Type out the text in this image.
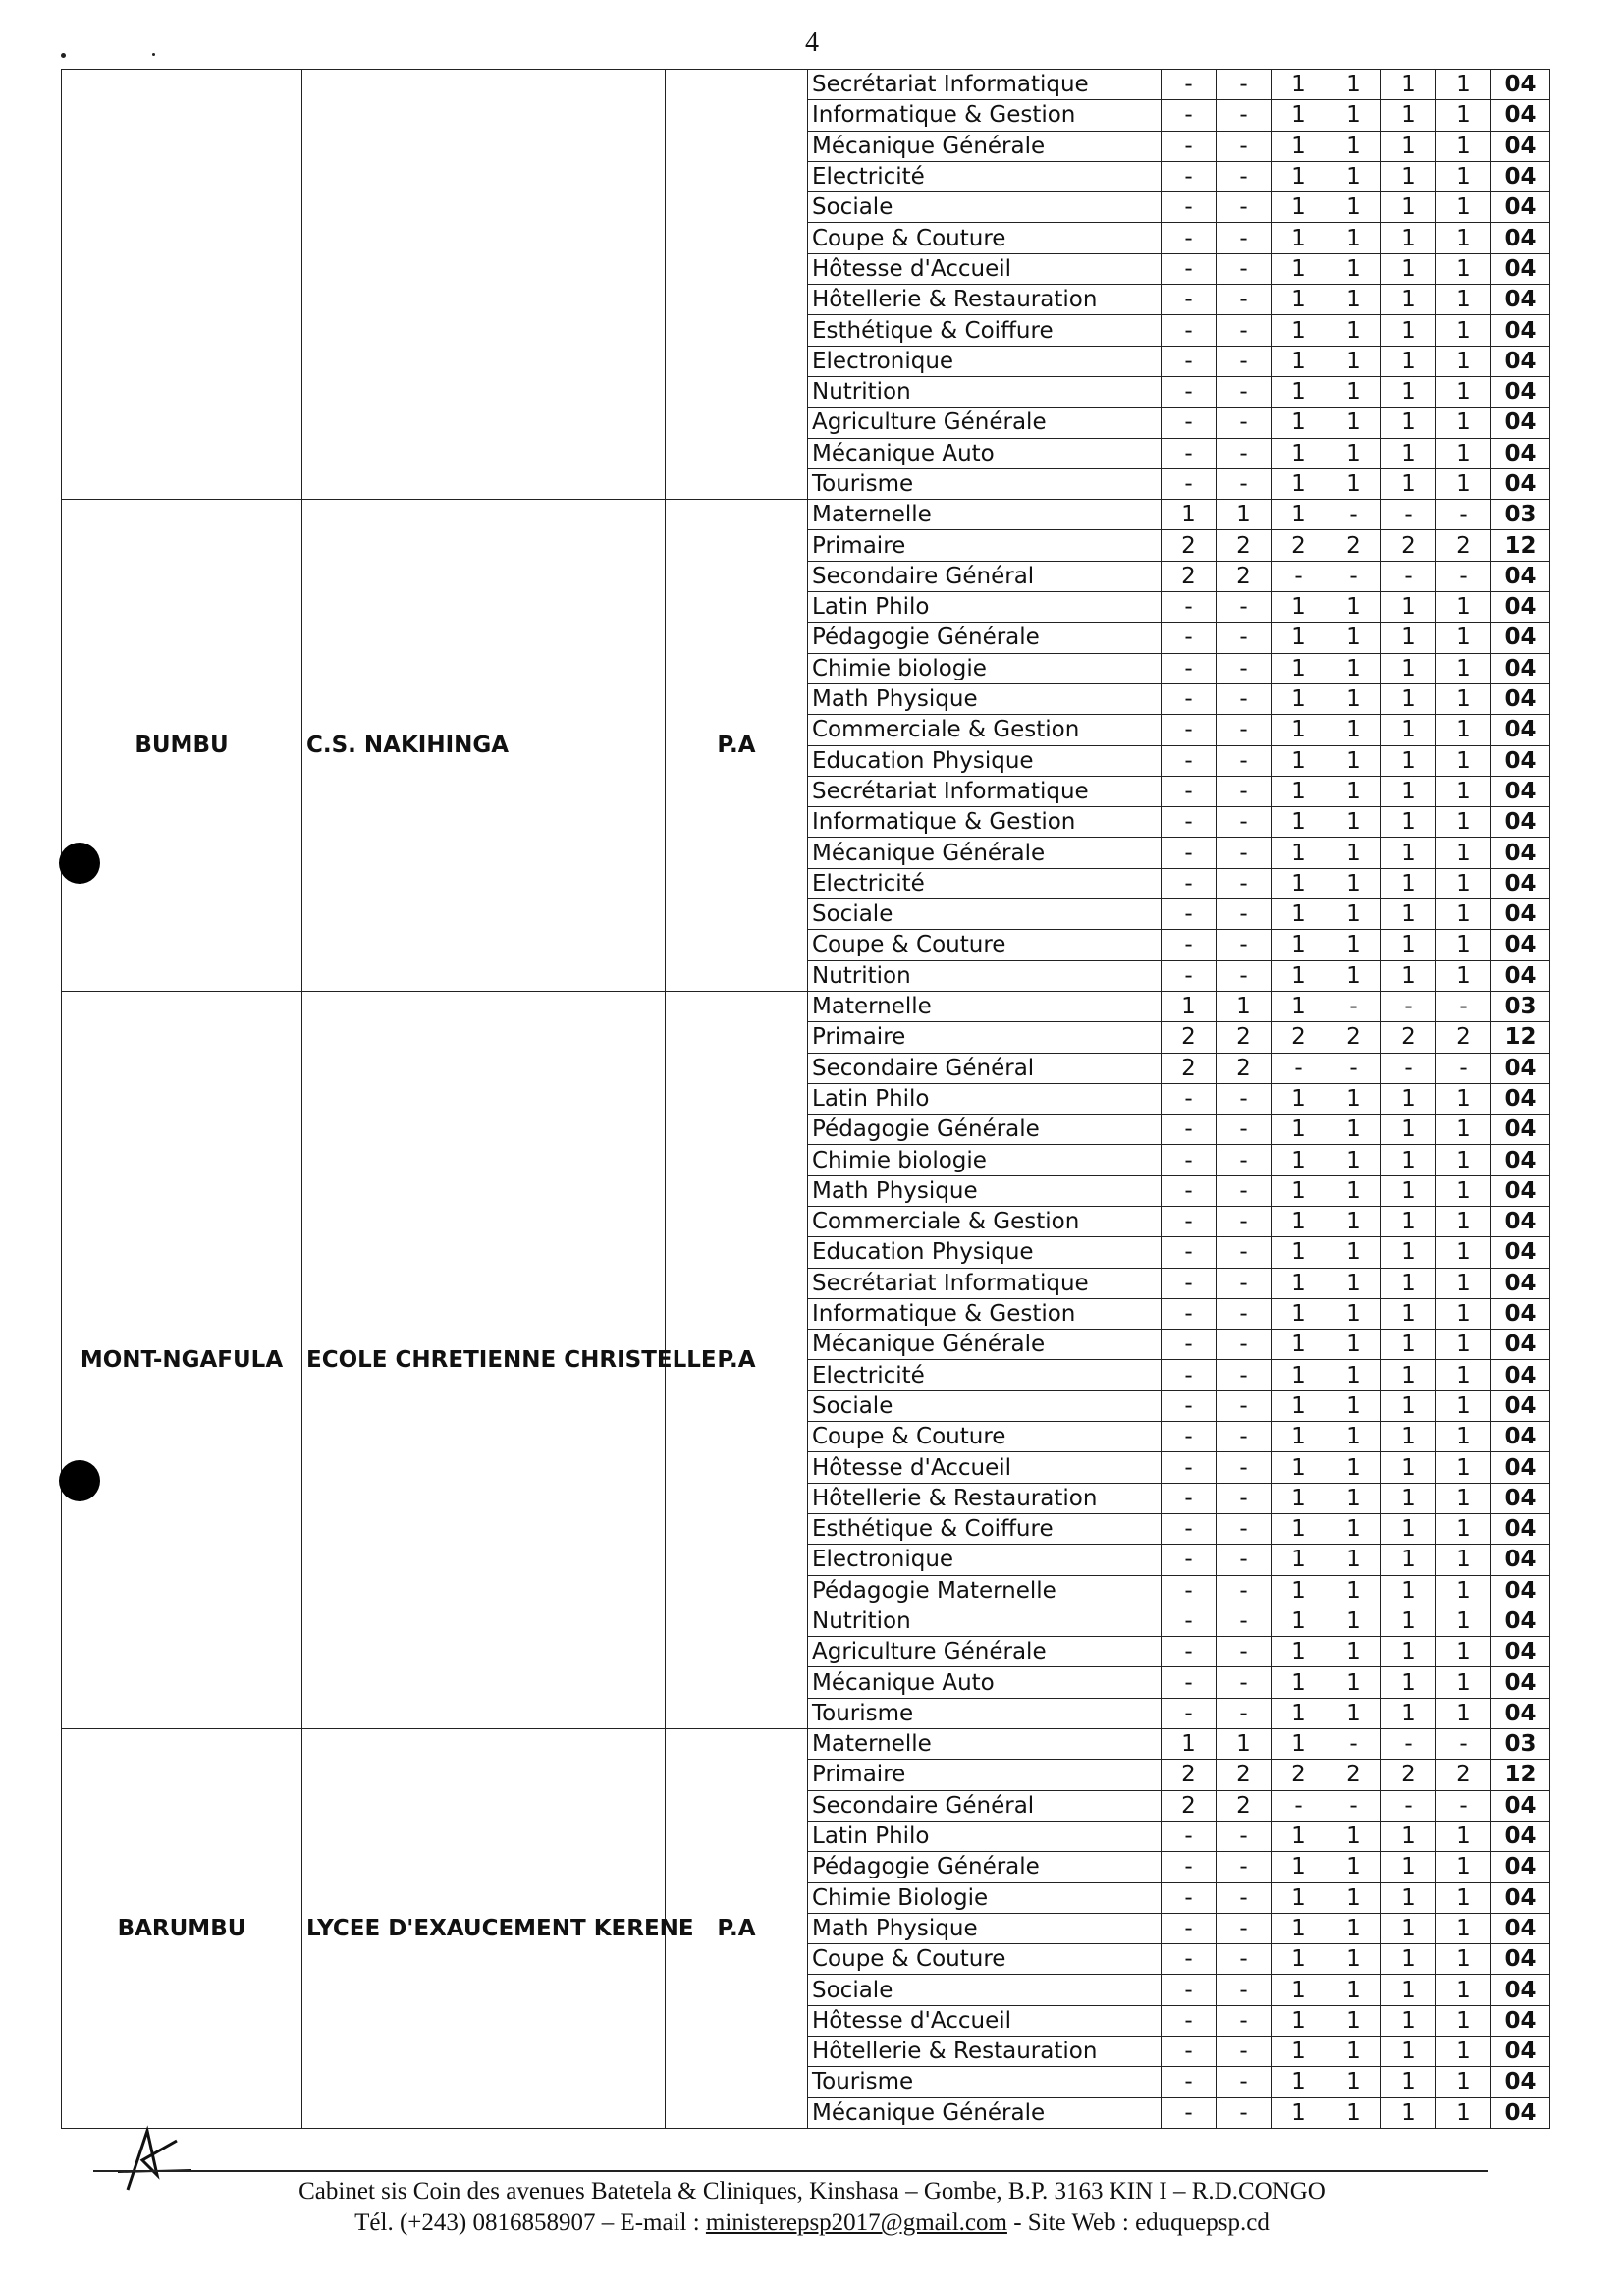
4
			Secrétariat Informatique	-	-	1	1	1	1	04
			Informatique & Gestion	-	-	1	1	1	1	04
			Mécanique Générale	-	-	1	1	1	1	04
			Electricité	-	-	1	1	1	1	04
			Sociale	-	-	1	1	1	1	04
			Coupe & Couture	-	-	1	1	1	1	04
			Hôtesse d'Accueil	-	-	1	1	1	1	04
			Hôtellerie & Restauration	-	-	1	1	1	1	04
			Esthétique & Coiffure	-	-	1	1	1	1	04
			Electronique	-	-	1	1	1	1	04
			Nutrition	-	-	1	1	1	1	04
			Agriculture Générale	-	-	1	1	1	1	04
			Mécanique Auto	-	-	1	1	1	1	04
			Tourisme	-	-	1	1	1	1	04
BUMBU	C.S. NAKIHINGA	P.A	Maternelle	1	1	1	-	-	-	03
			Primaire	2	2	2	2	2	2	12
			Secondaire Général	2	2	-	-	-	-	04
			Latin Philo	-	-	1	1	1	1	04
			Pédagogie Générale	-	-	1	1	1	1	04
			Chimie biologie	-	-	1	1	1	1	04
			Math Physique	-	-	1	1	1	1	04
			Commerciale & Gestion	-	-	1	1	1	1	04
			Education Physique	-	-	1	1	1	1	04
			Secrétariat Informatique	-	-	1	1	1	1	04
			Informatique & Gestion	-	-	1	1	1	1	04
			Mécanique Générale	-	-	1	1	1	1	04
			Electricité	-	-	1	1	1	1	04
			Sociale	-	-	1	1	1	1	04
			Coupe & Couture	-	-	1	1	1	1	04
			Nutrition	-	-	1	1	1	1	04
MONT-NGAFULA	ECOLE CHRETIENNE CHRISTELLE	P.A	Maternelle	1	1	1	-	-	-	03
			Primaire	2	2	2	2	2	2	12
			Secondaire Général	2	2	-	-	-	-	04
			Latin Philo	-	-	1	1	1	1	04
			Pédagogie Générale	-	-	1	1	1	1	04
			Chimie biologie	-	-	1	1	1	1	04
			Math Physique	-	-	1	1	1	1	04
			Commerciale & Gestion	-	-	1	1	1	1	04
			Education Physique	-	-	1	1	1	1	04
			Secrétariat Informatique	-	-	1	1	1	1	04
			Informatique & Gestion	-	-	1	1	1	1	04
			Mécanique Générale	-	-	1	1	1	1	04
			Electricité	-	-	1	1	1	1	04
			Sociale	-	-	1	1	1	1	04
			Coupe & Couture	-	-	1	1	1	1	04
			Hôtesse d'Accueil	-	-	1	1	1	1	04
			Hôtellerie & Restauration	-	-	1	1	1	1	04
			Esthétique & Coiffure	-	-	1	1	1	1	04
			Electronique	-	-	1	1	1	1	04
			Pédagogie Maternelle	-	-	1	1	1	1	04
			Nutrition	-	-	1	1	1	1	04
			Agriculture Générale	-	-	1	1	1	1	04
			Mécanique Auto	-	-	1	1	1	1	04
			Tourisme	-	-	1	1	1	1	04
BARUMBU	LYCEE D'EXAUCEMENT KERENE	P.A	Maternelle	1	1	1	-	-	-	03
			Primaire	2	2	2	2	2	2	12
			Secondaire Général	2	2	-	-	-	-	04
			Latin Philo	-	-	1	1	1	1	04
			Pédagogie Générale	-	-	1	1	1	1	04
			Chimie Biologie	-	-	1	1	1	1	04
			Math Physique	-	-	1	1	1	1	04
			Coupe & Couture	-	-	1	1	1	1	04
			Sociale	-	-	1	1	1	1	04
			Hôtesse d'Accueil	-	-	1	1	1	1	04
			Hôtellerie & Restauration	-	-	1	1	1	1	04
			Tourisme	-	-	1	1	1	1	04
			Mécanique Générale	-	-	1	1	1	1	04
Cabinet sis Coin des avenues Batetela & Cliniques, Kinshasa – Gombe, B.P. 3163 KIN I – R.D.CONGO
Tél. (+243) 0816858907 – E-mail : ministerepsp2017@gmail.com - Site Web : eduquepsp.cd
